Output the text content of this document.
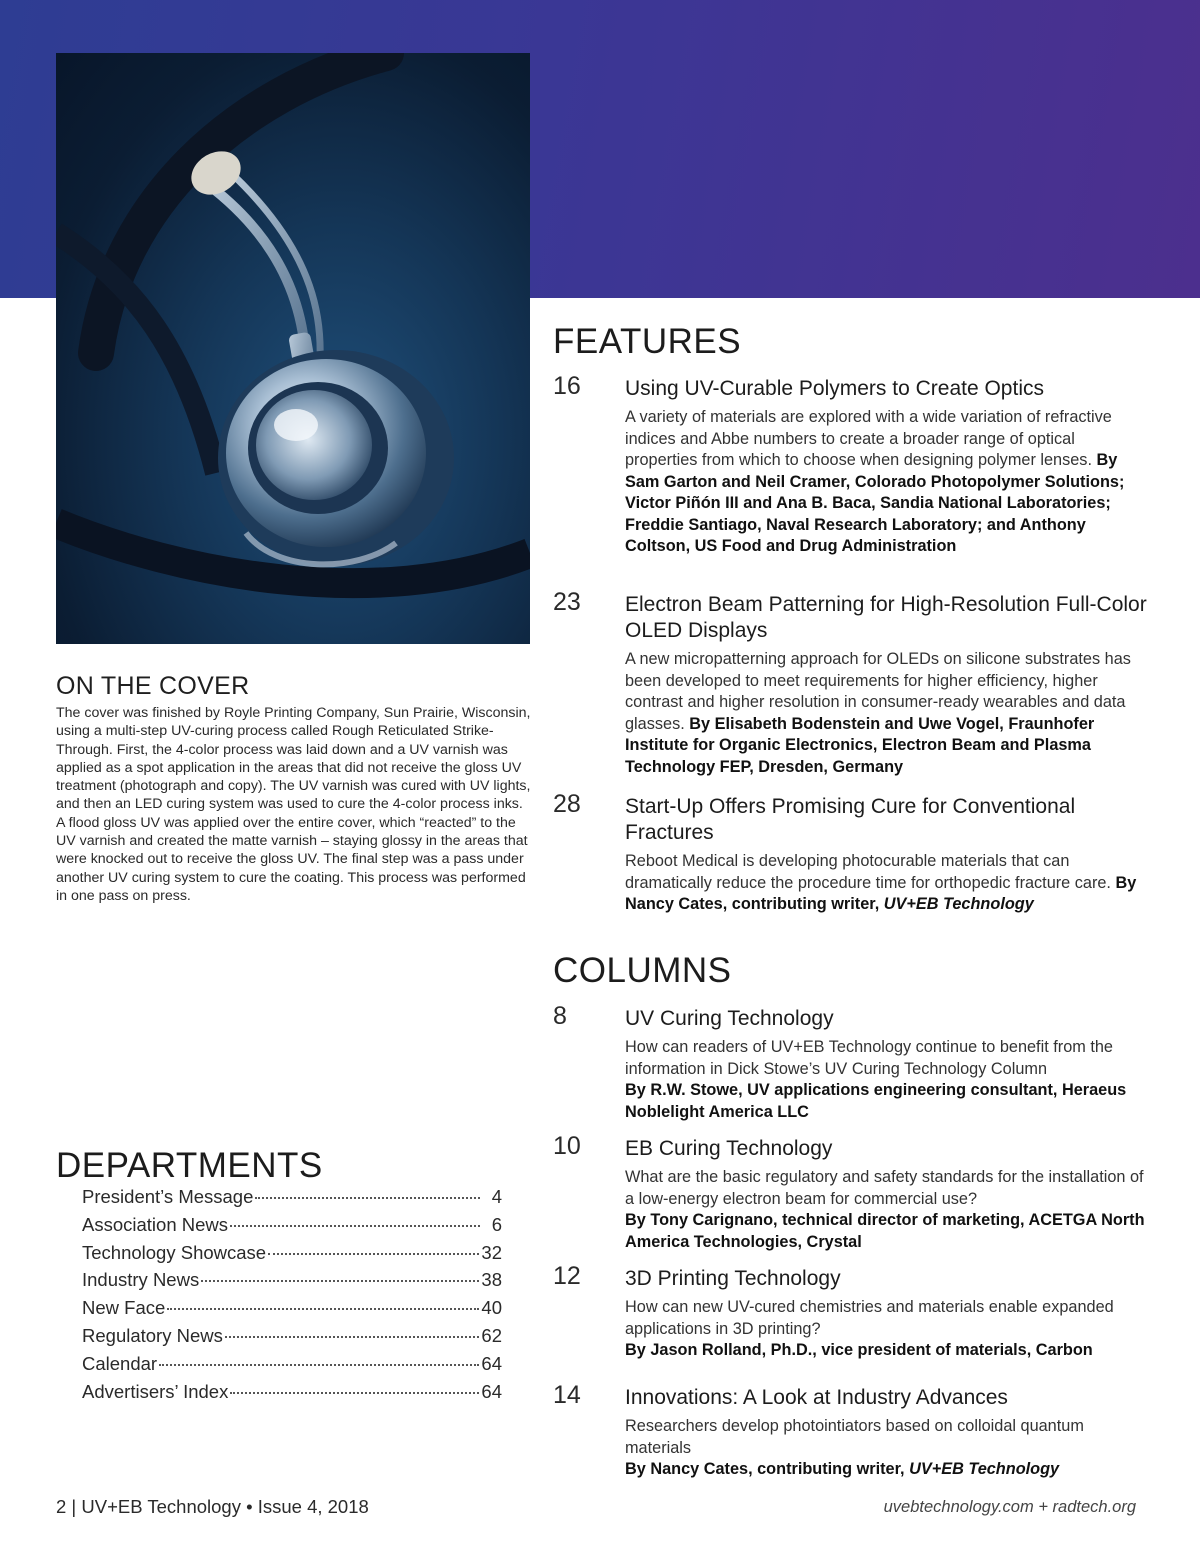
ON THE COVER

The cover was finished by Royle Printing Company, Sun Prairie, Wisconsin, using a multi-step UV-curing process called Rough Reticulated Strike-Through. First, the 4-color process was laid down and a UV varnish was applied as a spot application in the areas that did not receive the gloss UV treatment (photograph and copy). The UV varnish was cured with UV lights, and then an LED curing system was used to cure the 4-color process inks. A flood gloss UV was applied over the entire cover, which “reacted” to the UV varnish and created the matte varnish – staying glossy in the areas that were knocked out to receive the gloss UV. The final step was a pass under another UV curing system to cure the coating. This process was performed in one pass on press.

DEPARTMENTS
President’s Message	4
Association News	6
Technology Showcase	32
Industry News	38
New Face	40
Regulatory News	62
Calendar	64
Advertisers’ Index	64
FEATURES
16 Using UV-Curable Polymers to Create Optics

A variety of materials are explored with a wide variation of refractive indices and Abbe numbers to create a broader range of optical properties from which to choose when designing polymer lenses. By Sam Garton and Neil Cramer, Colorado Photopolymer Solutions; Victor Piñón III and Ana B. Baca, Sandia National Laboratories; Freddie Santiago, Naval Research Laboratory; and Anthony Coltson, US Food and Drug Administration

23 Electron Beam Patterning for High-Resolution Full-Color OLED Displays

A new micropatterning approach for OLEDs on silicone substrates has been developed to meet requirements for higher efficiency, higher contrast and higher resolution in consumer-ready wearables and data glasses. By Elisabeth Bodenstein and Uwe Vogel, Fraunhofer Institute for Organic Electronics, Electron Beam and Plasma Technology FEP, Dresden, Germany

28 Start-Up Offers Promising Cure for Conventional Fractures

Reboot Medical is developing photocurable materials that can dramatically reduce the procedure time for orthopedic fracture care. By Nancy Cates, contributing writer, UV+EB Technology

COLUMNS
8	UV Curing Technology

How can readers of UV+EB Technology continue to benefit from the information in Dick Stowe’s UV Curing Technology Column

By R.W. Stowe, UV applications engineering consultant, Heraeus Noblelight America LLC
10 EB Curing Technology

What are the basic regulatory and safety standards for the installation of a low-energy electron beam for commercial use?

By Tony Carignano, technical director of marketing, ACETGA North America Technologies, Crystal
12 3D Printing Technology

How can new UV-cured chemistries and materials enable expanded applications in 3D printing?

By Jason Rolland, Ph.D., vice president of materials, Carbon
14 Innovations: A Look at Industry Advances

Researchers develop photointiators based on colloidal quantum materials

By Nancy Cates, contributing writer, UV+EB Technology
2 | UV+EB Technology • Issue 4, 2018	uvebtechnology.com + radtech.org
